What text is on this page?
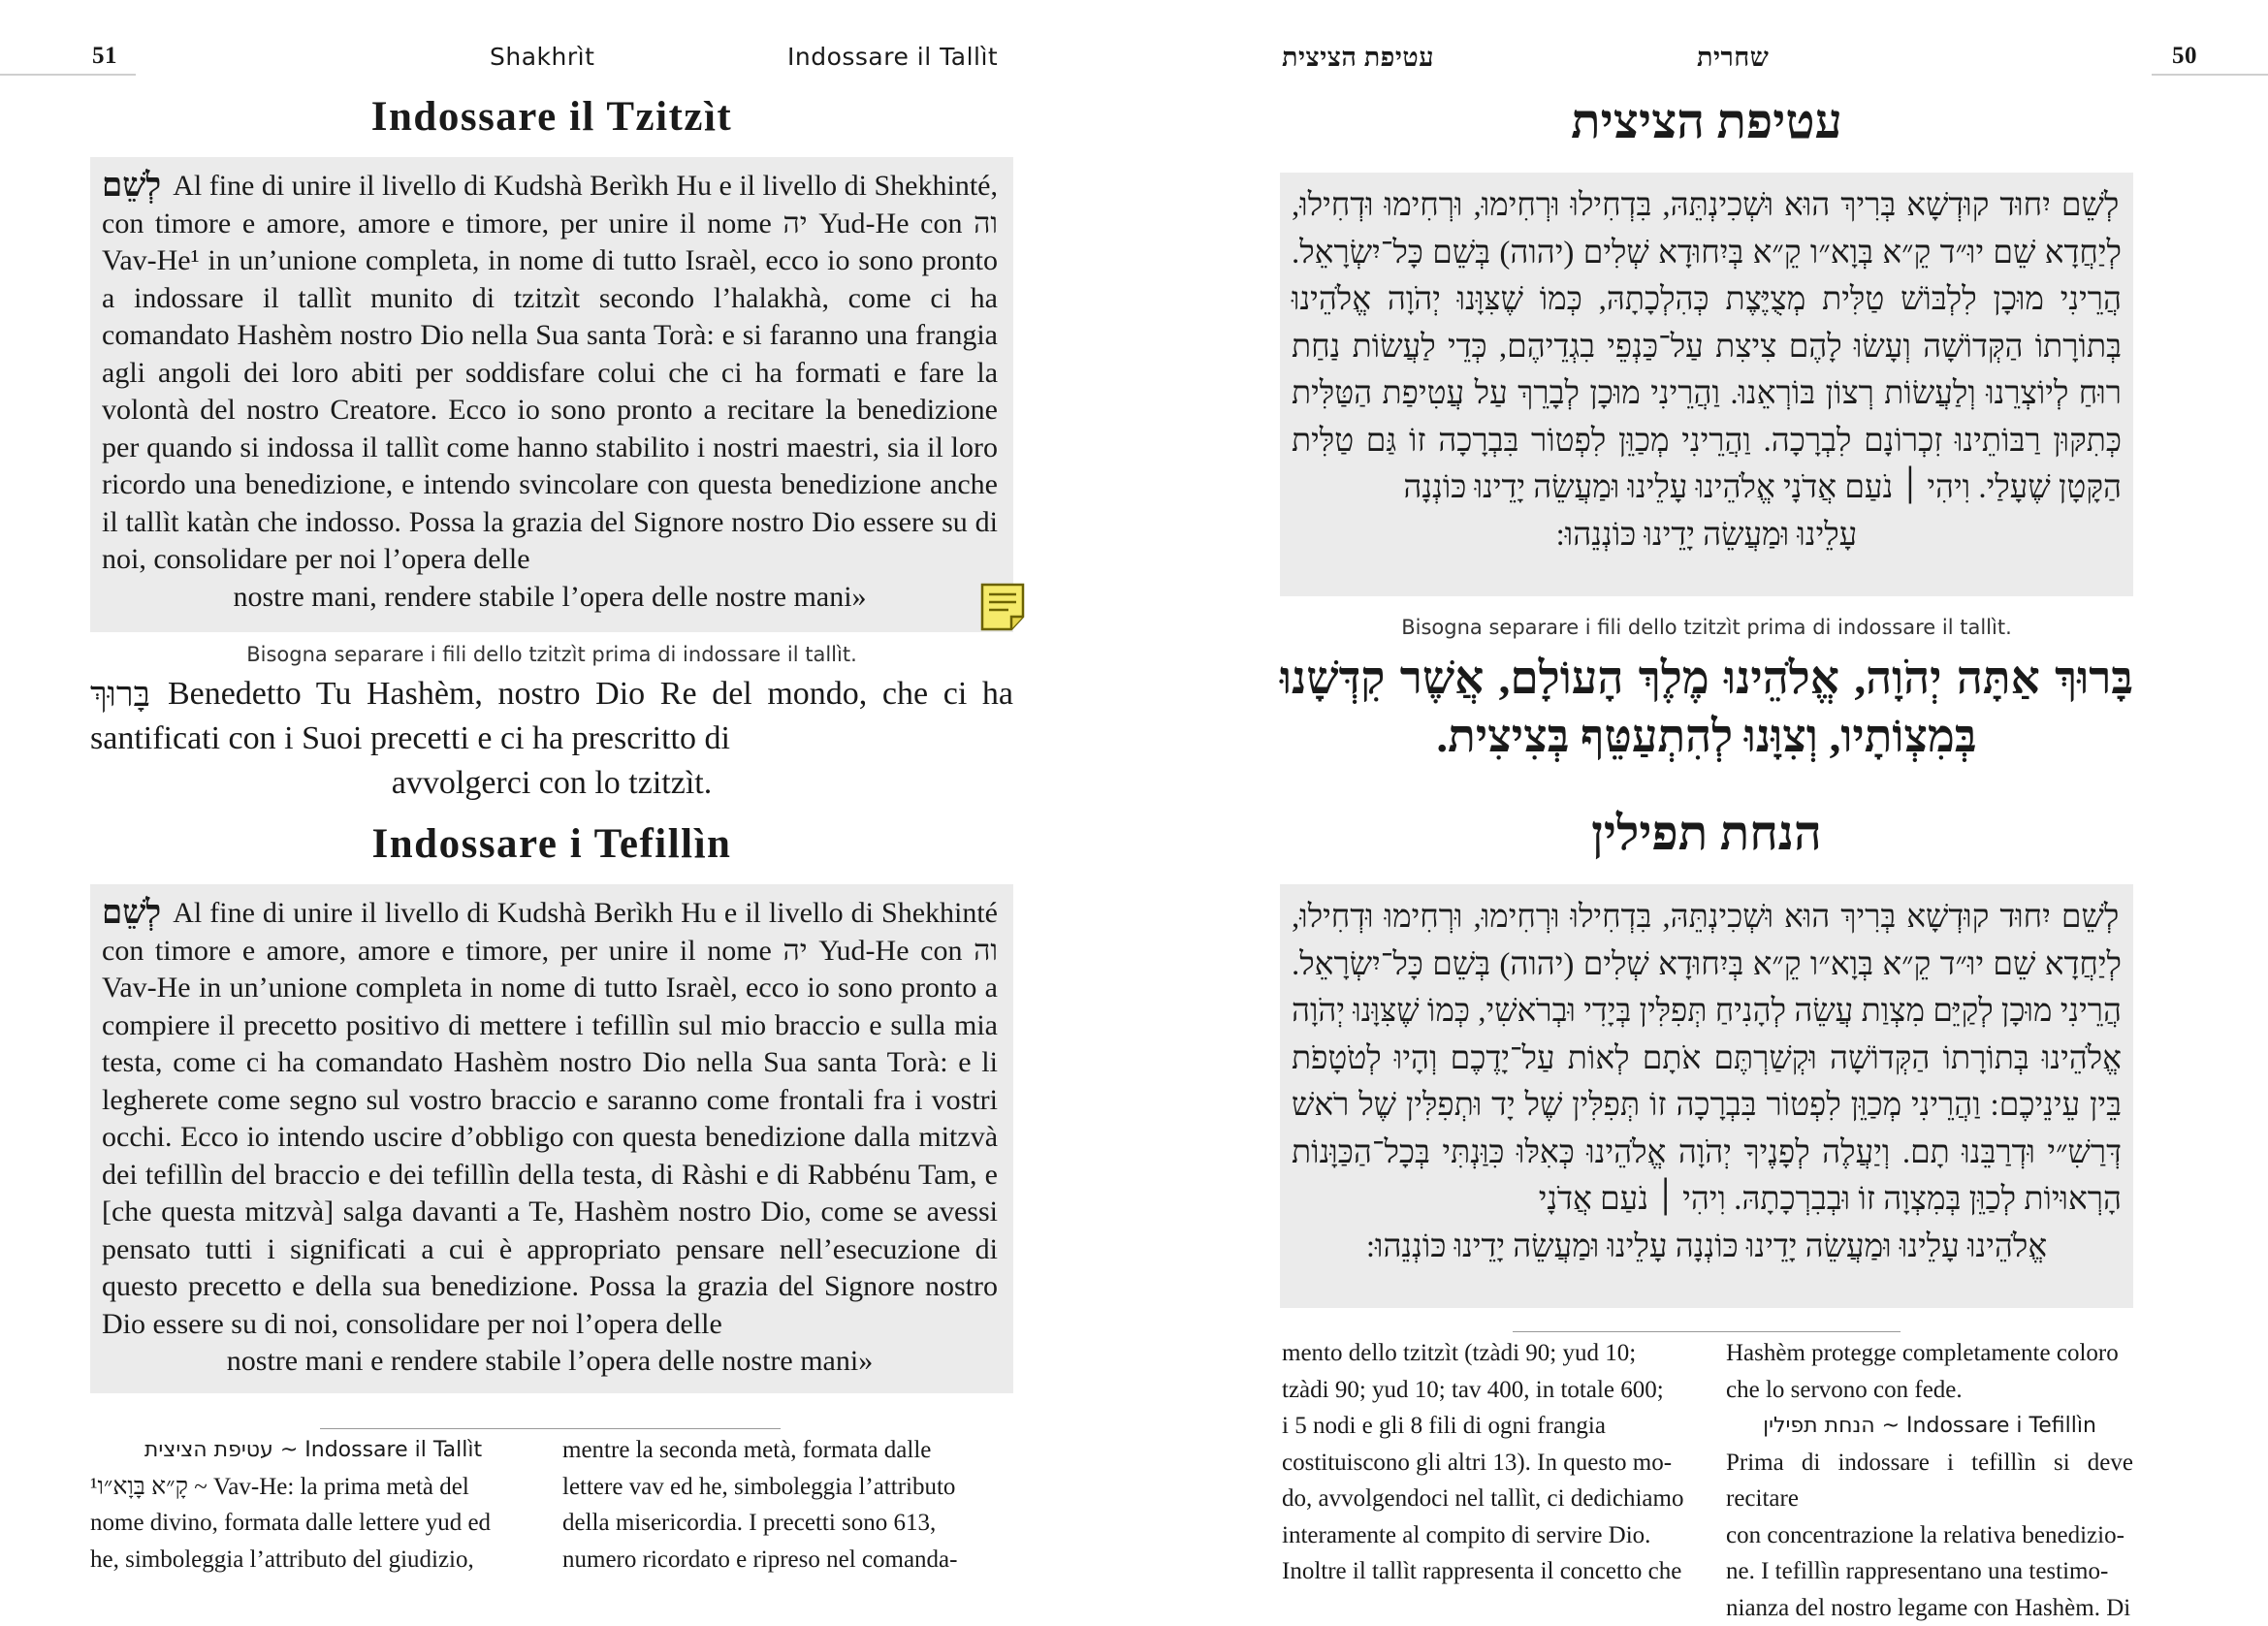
51	Shakhrìt	Indossare il Tallìt
Indossare il Tzitzìt
לְשֵׁם Al fine di unire il livello di Kudshà Berìkh Hu e il livello di Shekhinté, con timore e amore, amore e timore, per unire il nome יה Yud-He con וה Vav-He¹ in un’unione completa, in nome di tutto Israèl, ecco io sono pronto a indossare il tallìt munito di tzitzìt secondo l’halakhà, come ci ha comandato Hashèm nostro Dio nella Sua santa Torà: e si faranno una frangia agli angoli dei loro abiti per soddisfare colui che ci ha formati e fare la volontà del nostro Creatore. Ecco io sono pronto a recitare la benedizione per quando si indossa il tallìt come hanno stabilito i nostri maestri, sia il loro ricordo una benedizione, e intendo svincolare con questa benedizione anche il tallìt katàn che indosso. Possa la grazia del Signore nostro Dio essere su di noi, consolidare per noi l’opera delle
nostre mani, rendere stabile l’opera delle nostre mani»
Bisogna separare i fili dello tzitzìt prima di indossare il tallìt.
בָּרוּךְ Benedetto Tu Hashèm, nostro Dio Re del mondo, che ci ha santificati con i Suoi precetti e ci ha prescritto di
avvolgerci con lo tzitzìt.
Indossare i Tefillìn
לְשֵׁם Al fine di unire il livello di Kudshà Berìkh Hu e il livello di Shekhinté con timore e amore, amore e timore, per unire il nome יה Yud-He con וה Vav-He in un’unione completa in nome di tutto Israèl, ecco io sono pronto a compiere il precetto positivo di mettere i tefillìn sul mio braccio e sulla mia testa, come ci ha comandato Hashèm nostro Dio nella Sua santa Torà: e li legherete come segno sul vostro braccio e saranno come frontali fra i vostri occhi. Ecco io intendo uscire d’obbligo con questa benedizione dalla mitzvà dei tefillìn del braccio e dei tefillìn della testa, di Ràshi e di Rabbénu Tam, e [che questa mitzvà] salga davanti a Te, Hashèm nostro Dio, come se avessi pensato tutti i significati a cui è appropriato pensare nell’esecuzione di questo precetto e della sua benedizione. Possa la grazia del Signore nostro Dio essere su di noi, consolidare per noi l’opera delle
nostre mani e rendere stabile l’opera delle nostre mani»
עטיפת הציצית ~ Indossare il Tallìt
¹קָ״א בָּוָא״ו ~ Vav-He: la prima metà del
nome divino, formata dalle lettere yud ed
he, simboleggia l’attributo del giudizio,
mentre la seconda metà, formata dalle
lettere vav ed he, simboleggia l’attributo
della misericordia. I precetti sono 613,
numero ricordato e ripreso nel comanda-
50
שחרית
עטיפת הציצית
עטיפת הציצית
לְשֵׁם יִחוּד קוּדְשָׁא בְּרִיךְ הוּא וּשְׁכִינְתֵּהּ, בִּדְחִילוּ וּרְחִימוּ, וּרְחִימוּ וּדְחִילוּ, לְיַחֲדָא שֵׁם יוּ״ד קֵ״א בְּוָא״ו קֵ״א בְּיִחוּדָא שְׁלִים (יהוה) בְּשֵׁם כָּל־יִשְׂרָאֵל. הֲרֵינִי מוּכָן לִלְבּוֹשׁ טַלִּית מְצֻיֶּצֶת כְּהִלְכָתָהּ, כְּמוֹ שֶׁצִּוָּנוּ יְהֹוָה אֱלֹהֵינוּ בְּתוֹרָתוֹ הַקְּדוֹשָׁה וְעָשׂוּ לָהֶם צִיצִת עַל־כַּנְפֵי בִגְדֵיהֶם, כְּדֵי לַעֲשׂוֹת נַחַת רוּחַ לְיוֹצְרֵנוּ וְלַעֲשׂוֹת רְצוֹן בּוֹרְאֵנוּ. וַהֲרֵינִי מוּכָן לְבָרֵךְ עַל עֲטִיפַת הַטַּלִּית כְּתִקּוּן רַבּוֹתֵינוּ זִכְרוֹנָם לִבְרָכָה. וַהֲרֵינִי מְכַוֵּן לִפְטוֹר בִּבְרָכָה זוֹ גַּם טַלִּית הַקָּטָן שֶׁעָלַי. וִיהִי ׀ נֹעַם אֲדֹנָי אֱלֹהֵינוּ עָלֵינוּ וּמַעֲשֵׂה יָדֵינוּ כּוֹנְנָה
עָלֵינוּ וּמַעֲשֵׂה יָדֵינוּ כּוֹנְנֵהוּ:
Bisogna separare i fili dello tzitzìt prima di indossare il tallìt.
בָּרוּךְ אַתָּה יְהֹוָה, אֱלֹהֵינוּ מֶלֶךְ הָעוֹלָם, אֲשֶׁר קִדְּשָׁנוּ
בְּמִצְוֹתָיו, וְצִוָּנוּ לְהִתְעַטֵּף בְּצִיצִית.
הנחת תפילין
לְשֵׁם יִחוּד קוּדְשָׁא בְּרִיךְ הוּא וּשְׁכִינְתֵּהּ, בִּדְחִילוּ וּרְחִימוּ, וּרְחִימוּ וּדְחִילוּ, לְיַחֲדָא שֵׁם יוּ״ד קֵ״א בְּוָא״ו קֵ״א בְּיִחוּדָא שְׁלִים (יהוה) בְּשֵׁם כָּל־יִשְׂרָאֵל. הֲרֵינִי מוּכָן לְקַיֵּם מִצְוַת עֲשֵׂה לְהָנִיחַ תְּפִלִּין בְּיָדִי וּבְרֹאשִׁי, כְּמוֹ שֶׁצִּוָּנוּ יְהֹוָה אֱלֹהֵינוּ בְּתוֹרָתוֹ הַקְּדוֹשָׁה וּקְשַׁרְתֶּם אֹתָם לְאוֹת עַל־יָדֶכֶם וְהָיוּ לְטֹטָפֹת בֵּין עֵינֵיכֶם: וַהֲרֵינִי מְכַוֵּן לִפְטוֹר בִּבְרָכָה זוֹ תְּפִלִּין שֶׁל יָד וּתְפִלִּין שֶׁל רֹאשׁ דְּרַשִׁ״י וּדְרַבֵּנוּ תָם. וְיַעֲלֶה לְפָנֶיךָ יְהֹוָה אֱלֹהֵינוּ כְּאִלּוּ כִּוַּנְתִּי בְּכָל־הַכַּוָּנוֹת הָרְאוּיוֹת לְכַוֵּן בְּמִצְוָה זוֹ וּבְבִרְכָתָהּ. וִיהִי ׀ נֹעַם אֲדֹנָי
אֱלֹהֵינוּ עָלֵינוּ וּמַעֲשֵׂה יָדֵינוּ כּוֹנְנָה עָלֵינוּ וּמַעֲשֵׂה יָדֵינוּ כּוֹנְנֵהוּ:
mento dello tzitzìt (tzàdi 90; yud 10;
tzàdi 90; yud 10; tav 400, in totale 600;
i 5 nodi e gli 8 fili di ogni frangia
costituiscono gli altri 13). In questo mo-
do, avvolgendoci nel tallìt, ci dedichiamo
interamente al compito di servire Dio.
Inoltre il tallìt rappresenta il concetto che
Hashèm protegge completamente coloro
che lo servono con fede.
הנחת תפילין ~ Indossare i Tefillìn
Prima di indossare i tefillìn si deve recitare
con concentrazione la relativa benedizio-
ne. I tefillìn rappresentano una testimo-
nianza del nostro legame con Hashèm. Di
